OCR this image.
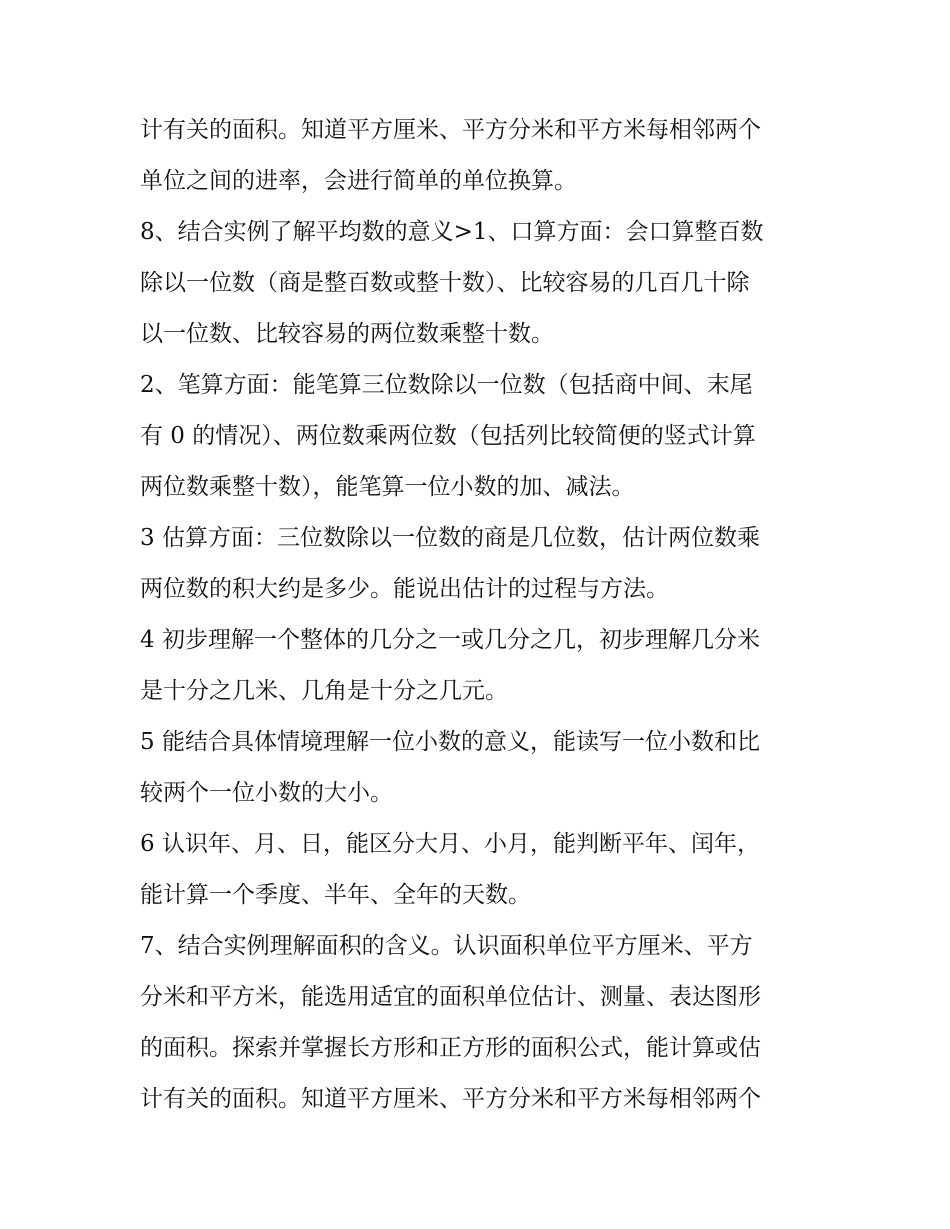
计有关的面积。知道平方厘米、平方分米和平方米每相邻两个
单位之间的进率，会进行简单的单位换算。
8、结合实例了解平均数的意义>1、口算方面：会口算整百数
除以一位数（商是整百数或整十数）、比较容易的几百几十除
以一位数、比较容易的两位数乘整十数。
2、笔算方面：能笔算三位数除以一位数（包括商中间、末尾
有 0 的情况）、两位数乘两位数（包括列比较简便的竖式计算
两位数乘整十数），能笔算一位小数的加、减法。
3 估算方面：三位数除以一位数的商是几位数，估计两位数乘
两位数的积大约是多少。能说出估计的过程与方法。
4 初步理解一个整体的几分之一或几分之几，初步理解几分米
是十分之几米、几角是十分之几元。
5 能结合具体情境理解一位小数的意义，能读写一位小数和比
较两个一位小数的大小。
6 认识年、月、日，能区分大月、小月，能判断平年、闰年，
能计算一个季度、半年、全年的天数。
7、结合实例理解面积的含义。认识面积单位平方厘米、平方
分米和平方米，能选用适宜的面积单位估计、测量、表达图形
的面积。探索并掌握长方形和正方形的面积公式，能计算或估
计有关的面积。知道平方厘米、平方分米和平方米每相邻两个
